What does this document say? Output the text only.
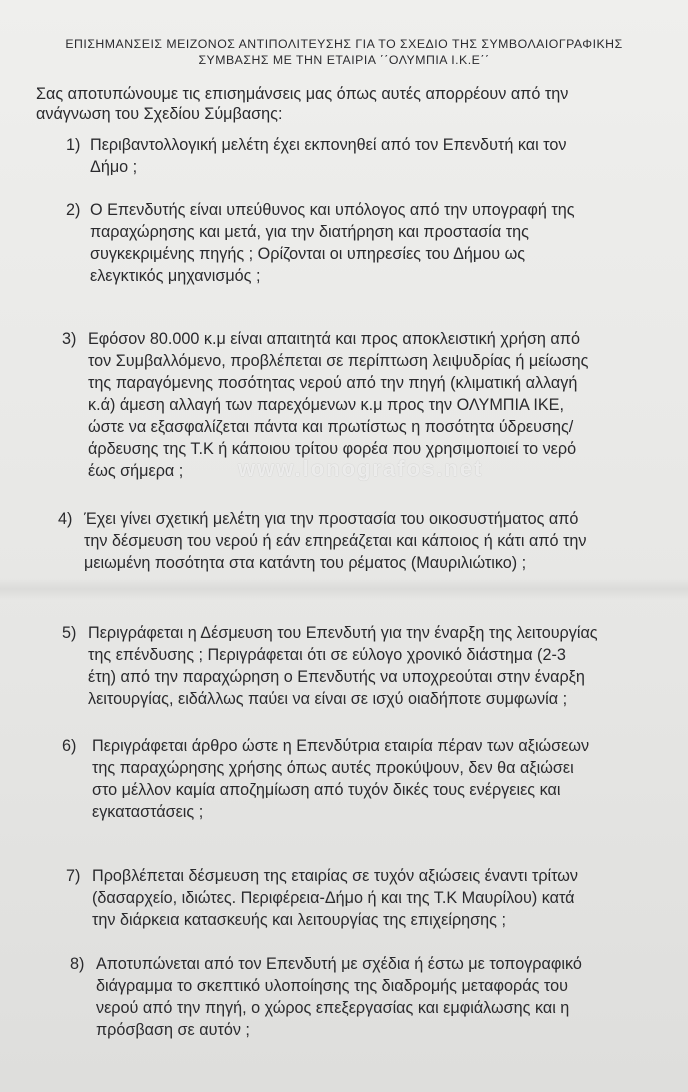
ΕΠΙΣΗΜΑΝΣΕΙΣ ΜΕΙΖΟΝΟΣ ΑΝΤΙΠΟΛΙΤΕΥΣΗΣ ΓΙΑ ΤΟ ΣΧΕΔΙΟ ΤΗΣ ΣΥΜΒΟΛΑΙΟΓΡΑΦΙΚΗΣ
ΣΥΜΒΑΣΗΣ ΜΕ ΤΗΝ ΕΤΑΙΡΙΑ ΄΄ΟΛΥΜΠΙΑ Ι.Κ.Ε΄΄
Σας αποτυπώνουμε τις επισημάνσεις μας όπως αυτές απορρέουν από την
ανάγνωση του Σχεδίου Σύμβασης:
1) Περιβαντολλογική μελέτη έχει εκπονηθεί από τον Επενδυτή και τον
Δήμο ;
2) Ο Επενδυτής είναι υπεύθυνος και υπόλογος από την υπογραφή της
παραχώρησης και μετά, για την διατήρηση και προστασία της
συγκεκριμένης πηγής ; Ορίζονται οι υπηρεσίες του Δήμου ως
ελεγκτικός μηχανισμός ;
3) Εφόσον 80.000 κ.μ είναι απαιτητά και προς αποκλειστική χρήση από
τον Συμβαλλόμενο, προβλέπεται σε περίπτωση λειψυδρίας ή μείωσης
της παραγόμενης ποσότητας νερού από την πηγή (κλιματική αλλαγή
κ.ά) άμεση αλλαγή των παρεχόμενων κ.μ προς την ΟΛΥΜΠΙΑ ΙΚΕ,
ώστε να εξασφαλίζεται πάντα και πρωτίστως η ποσότητα ύδρευσης/
άρδευσης της Τ.Κ ή κάποιου τρίτου φορέα που χρησιμοποιεί το νερό
έως σήμερα ;
4) Έχει γίνει σχετική μελέτη για την προστασία του οικοσυστήματος από
την δέσμευση του νερού ή εάν επηρεάζεται και κάποιος ή κάτι από την
μειωμένη ποσότητα στα κατάντη του ρέματος (Μαυριλιώτικο) ;
5) Περιγράφεται η Δέσμευση του Επενδυτή για την έναρξη της λειτουργίας
της επένδυσης ; Περιγράφεται ότι σε εύλογο χρονικό διάστημα (2-3
έτη) από την παραχώρηση ο Επενδυτής να υποχρεούται στην έναρξη
λειτουργίας, ειδάλλως παύει να είναι σε ισχύ οιαδήποτε συμφωνία ;
6) Περιγράφεται άρθρο ώστε η Επενδύτρια εταιρία πέραν των αξιώσεων
της παραχώρησης χρήσης όπως αυτές προκύψουν, δεν θα αξιώσει
στο μέλλον καμία αποζημίωση από τυχόν δικές τους ενέργειες και
εγκαταστάσεις ;
7) Προβλέπεται δέσμευση της εταιρίας σε τυχόν αξιώσεις έναντι τρίτων
(δασαρχείο, ιδιώτες. Περιφέρεια-Δήμο ή και της Τ.Κ Μαυρίλου) κατά
την διάρκεια κατασκευής και λειτουργίας της επιχείρησης ;
8) Αποτυπώνεται από τον Επενδυτή με σχέδια ή έστω με τοπογραφικό
διάγραμμα το σκεπτικό υλοποίησης της διαδρομής μεταφοράς του
νερού από την πηγή, ο χώρος επεξεργασίας και εμφιάλωσης και η
πρόσβαση σε αυτόν ;
www.lonografos.net
